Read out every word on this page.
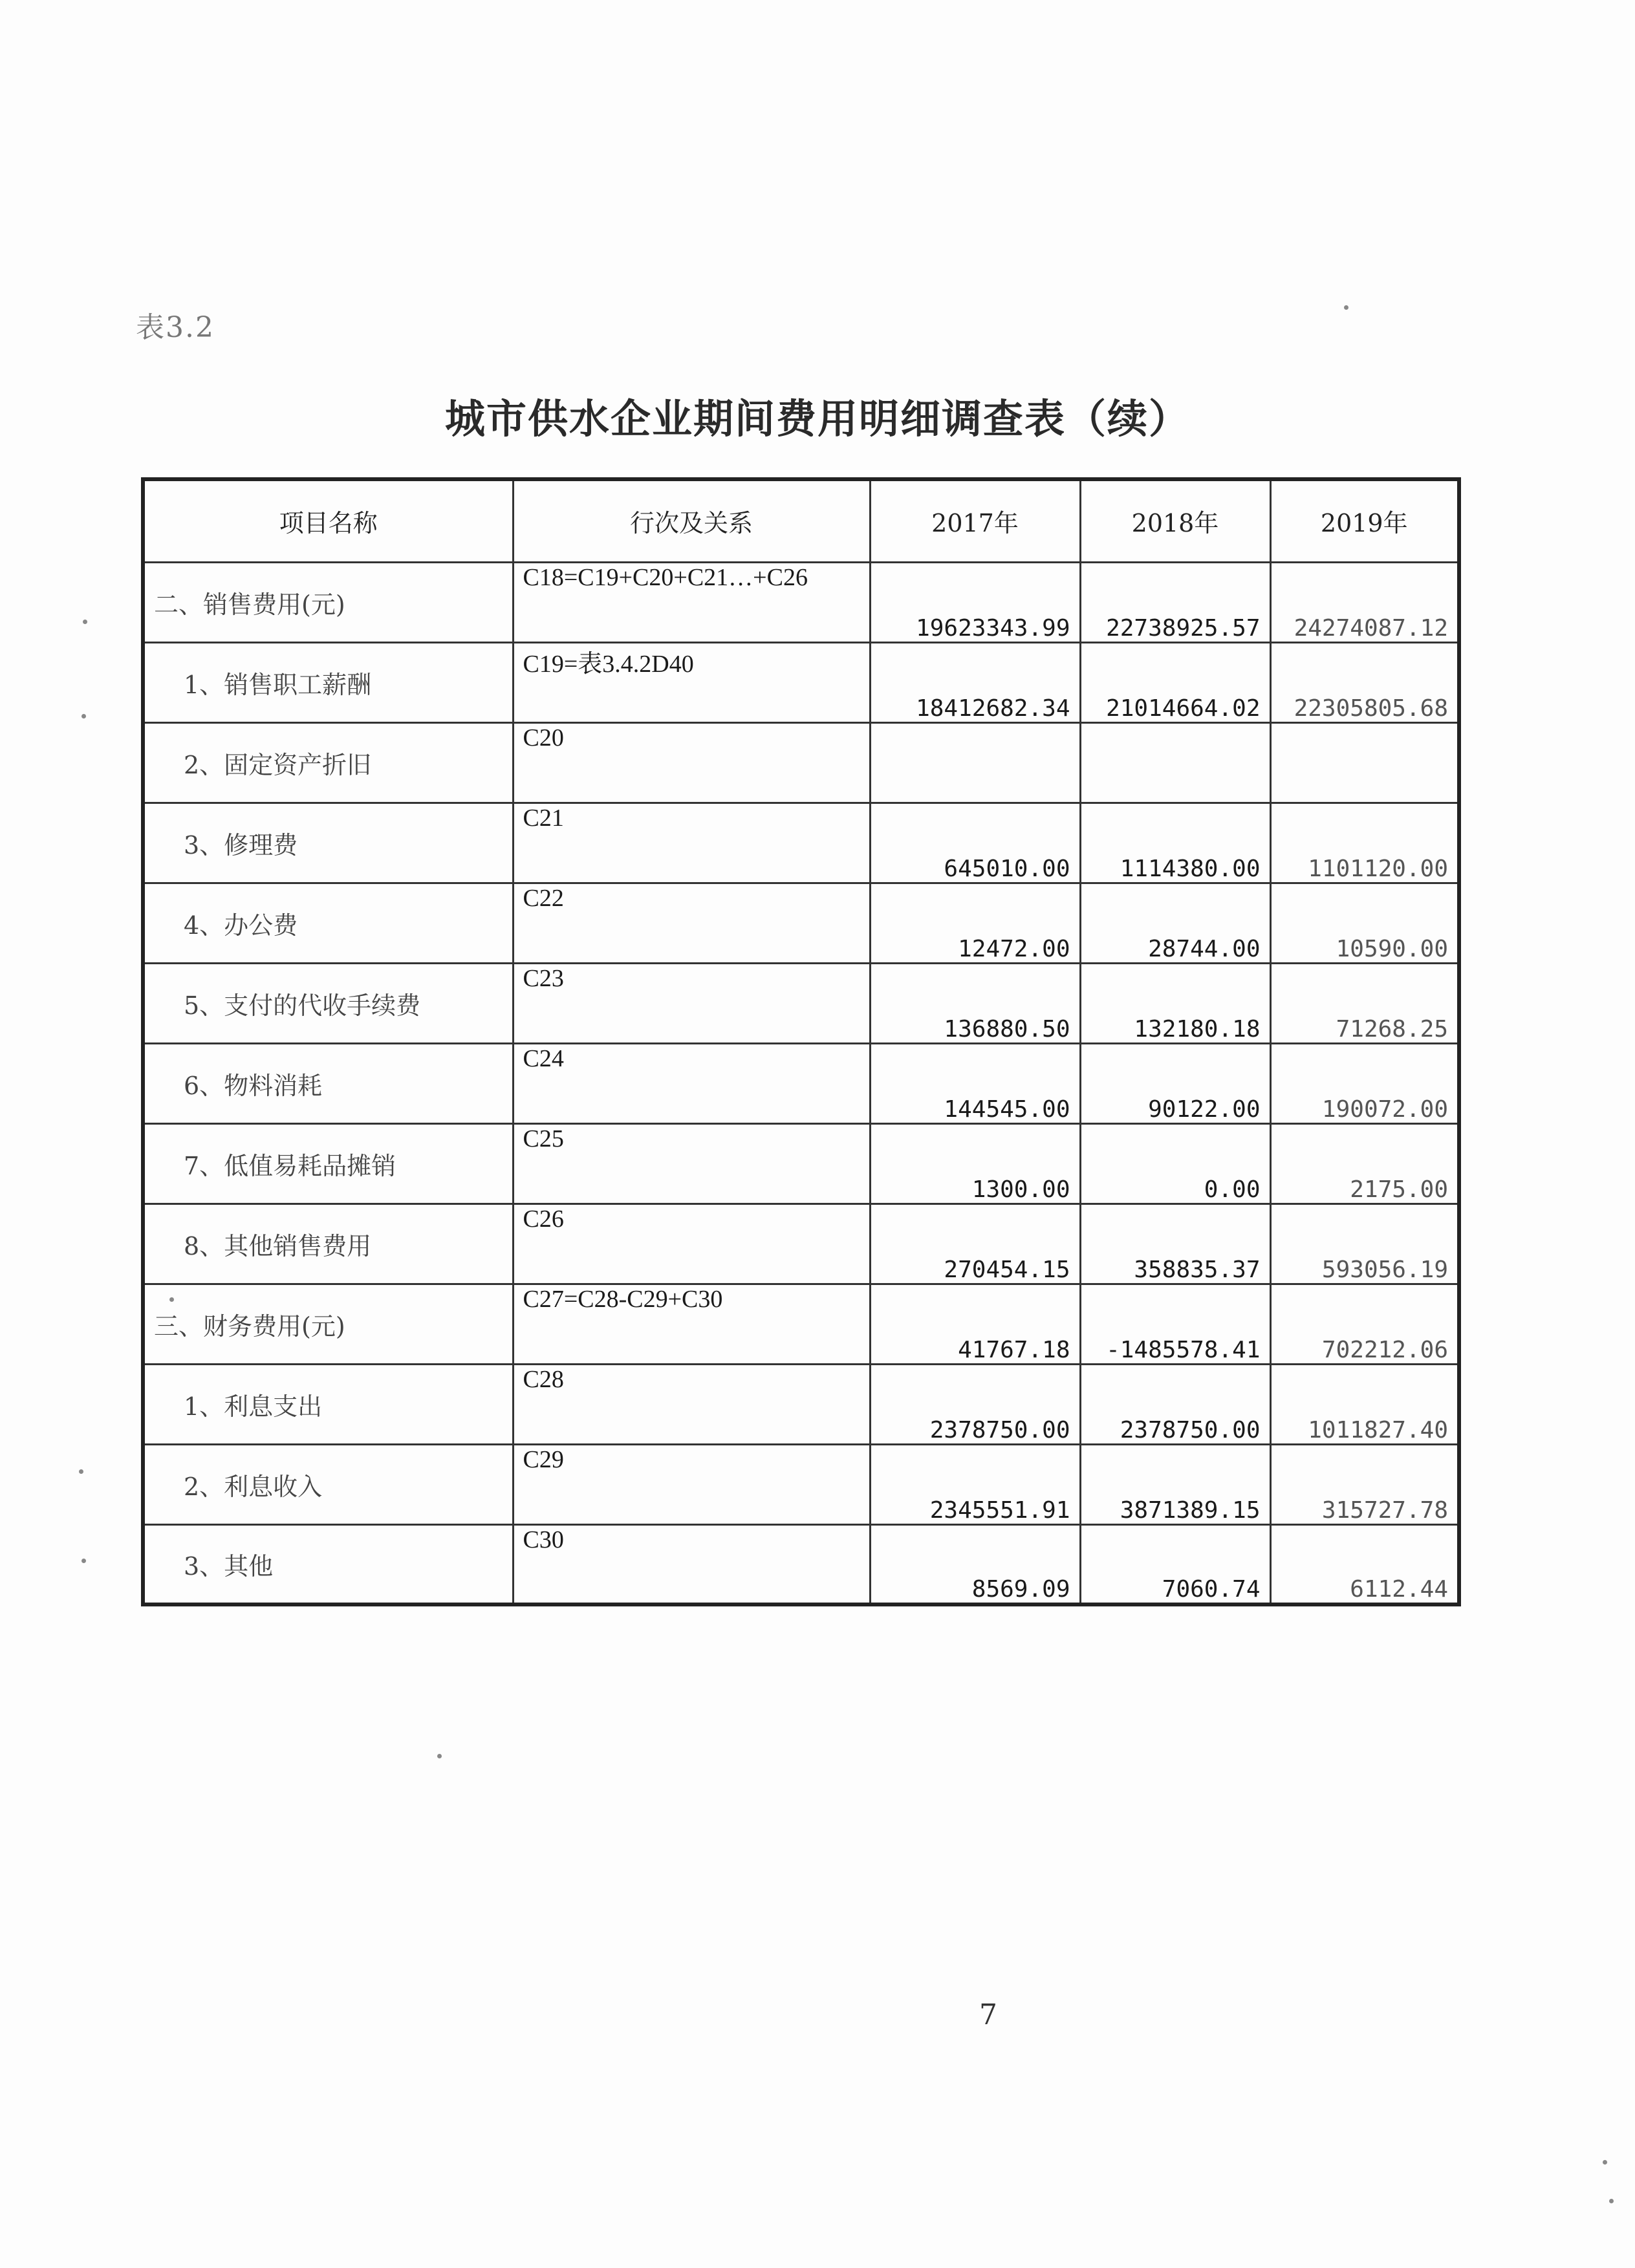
表3.2
城市供水企业期间费用明细调查表（续）
项目名称	行次及关系	2017年	2018年	2019年
二、销售费用(元)	C18=C19+C20+C21…+C26	19623343.99	22738925.57	24274087.12
1、销售职工薪酬	C19=表3.4.2D40	18412682.34	21014664.02	22305805.68
2、固定资产折旧	C20			
3、修理费	C21	645010.00	1114380.00	1101120.00
4、办公费	C22	12472.00	28744.00	10590.00
5、支付的代收手续费	C23	136880.50	132180.18	71268.25
6、物料消耗	C24	144545.00	90122.00	190072.00
7、低值易耗品摊销	C25	1300.00	0.00	2175.00
8、其他销售费用	C26	270454.15	358835.37	593056.19
三、财务费用(元)	C27=C28-C29+C30	41767.18	-1485578.41	702212.06
1、利息支出	C28	2378750.00	2378750.00	1011827.40
2、利息收入	C29	2345551.91	3871389.15	315727.78
3、其他	C30	8569.09	7060.74	6112.44
7
